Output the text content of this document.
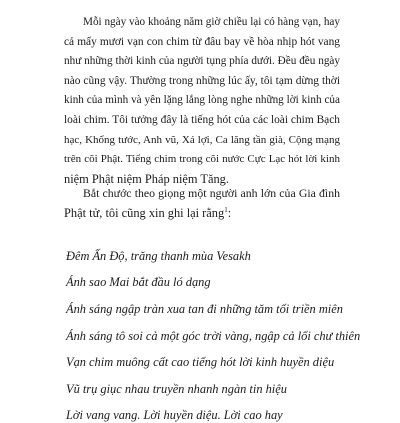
Mỗi ngày vào khoảng năm giờ chiều lại có hàng vạn, hay
cả mấy mươi vạn con chim từ đâu bay về hòa nhịp hót vang
như những thời kinh của người tụng phía dưới. Đều đều ngày
nào cũng vậy. Thường trong những lúc ấy, tôi tạm dừng thời
kinh của mình và yên lặng lắng lòng nghe những lời kinh của
loài chim. Tôi tưởng đây là tiếng hót của các loài chim Bạch
hạc, Khổng tước, Anh vũ, Xá lợi, Ca lăng tần già, Cộng mạng
trên cõi Phật. Tiếng chim trong cõi nước Cực Lạc hót lời kinh
niệm Phật niệm Pháp niệm Tăng.
Bắt chước theo giọng một người anh lớn của Gia đình
Phật tử, tôi cũng xin ghi lại rằng$^1$:
Đêm Ấn Độ, trăng thanh mùa Vesakh
Ánh sao Mai bắt đầu ló dạng
Ánh sáng ngập tràn xua tan đi những tăm tối triền miên
Ánh sáng tô soi cả một góc trời vàng, ngập cả lối chư thiên
Vạn chim muông cất cao tiếng hót lời kinh huyền diệu
Vũ trụ giục nhau truyền nhanh ngàn tin hiệu
Lời vang vang. Lời huyền diệu. Lời cao hay
